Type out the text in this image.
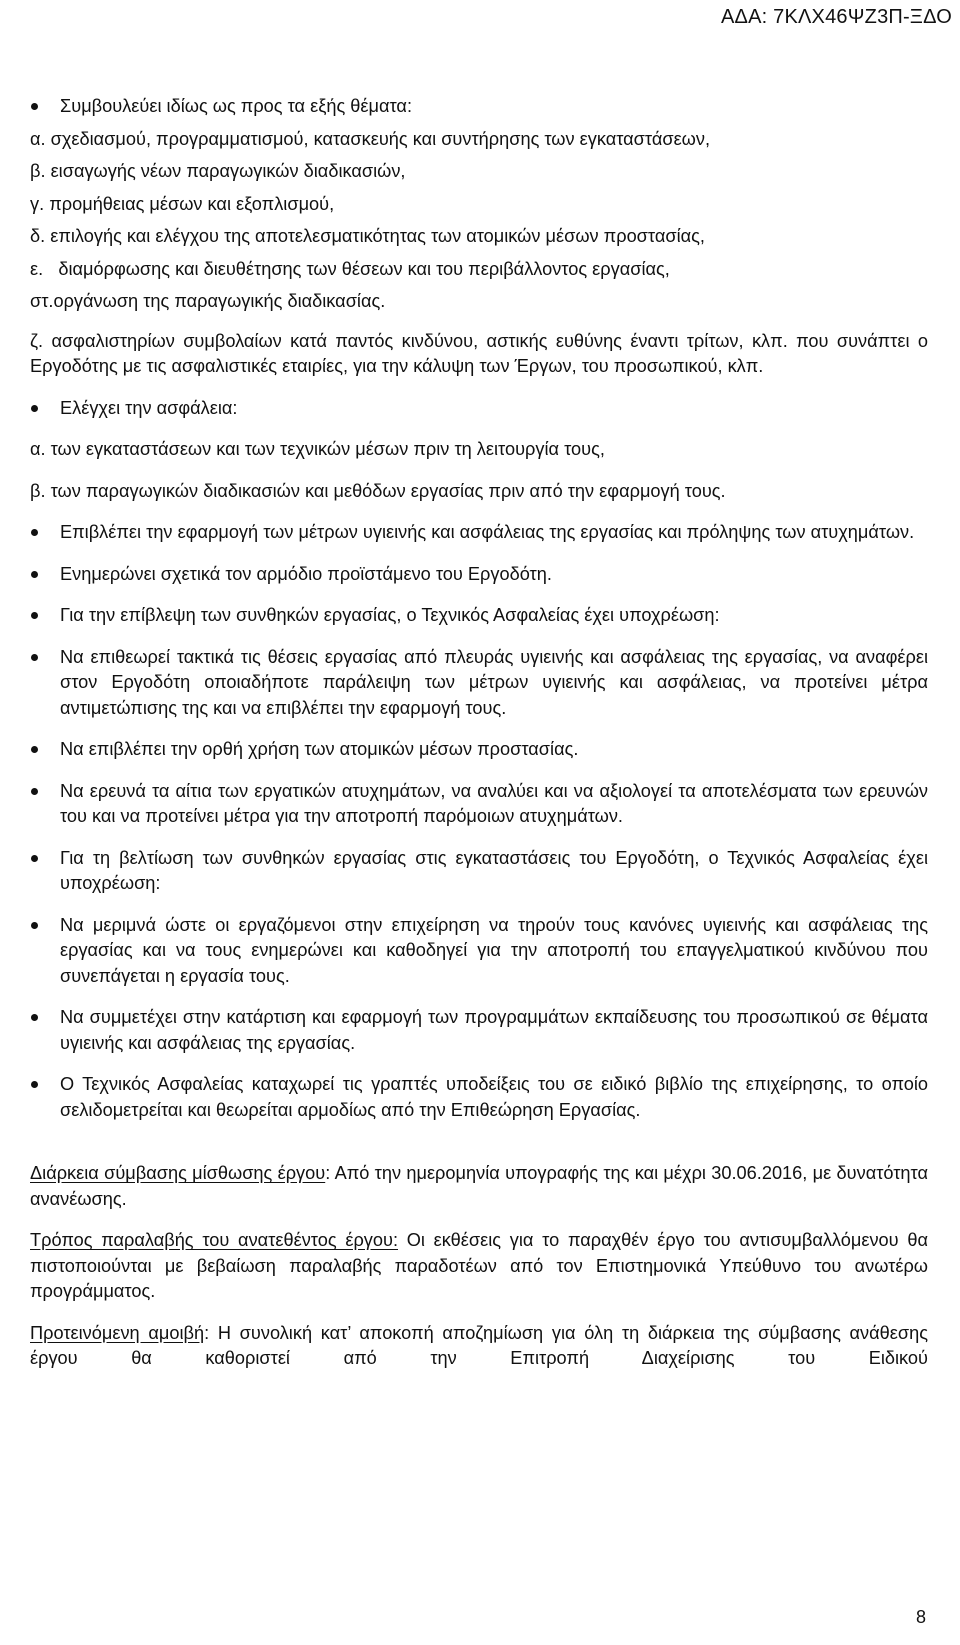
ΑΔΑ: 7ΚΛΧ46ΨΖ3Π-ΞΔΟ
Συμβουλεύει ιδίως ως προς τα εξής θέματα:
α. σχεδιασμού, προγραμματισμού, κατασκευής και συντήρησης των εγκαταστάσεων,
β. εισαγωγής νέων παραγωγικών διαδικασιών,
γ. προμήθειας μέσων και εξοπλισμού,
δ. επιλογής και ελέγχου της αποτελεσματικότητας των ατομικών μέσων προστασίας,
ε.   διαμόρφωσης και διευθέτησης των θέσεων και του περιβάλλοντος εργασίας,
στ.οργάνωση της παραγωγικής διαδικασίας.
ζ. ασφαλιστηρίων συμβολαίων κατά παντός κινδύνου, αστικής ευθύνης έναντι τρίτων, κλπ. που συνάπτει ο Εργοδότης με τις ασφαλιστικές εταιρίες, για την κάλυψη των Έργων, του προσωπικού, κλπ.
Ελέγχει την ασφάλεια:
α. των εγκαταστάσεων και των τεχνικών μέσων πριν τη λειτουργία τους,
β. των παραγωγικών διαδικασιών και μεθόδων εργασίας πριν από την εφαρμογή τους.
Επιβλέπει την εφαρμογή των μέτρων υγιεινής και ασφάλειας της εργασίας και πρόληψης των ατυχημάτων.
Ενημερώνει σχετικά τον αρμόδιο προϊστάμενο του Εργοδότη.
Για την επίβλεψη των συνθηκών εργασίας, ο Τεχνικός Ασφαλείας έχει υποχρέωση:
Να επιθεωρεί τακτικά τις θέσεις εργασίας από πλευράς υγιεινής και ασφάλειας της εργασίας, να αναφέρει στον Εργοδότη οποιαδήποτε παράλειψη των μέτρων υγιεινής και ασφάλειας, να προτείνει μέτρα αντιμετώπισης της και να επιβλέπει την εφαρμογή τους.
Να επιβλέπει την ορθή χρήση των ατομικών μέσων προστασίας.
Να ερευνά τα αίτια των εργατικών ατυχημάτων, να αναλύει και να αξιολογεί τα αποτελέσματα των ερευνών του και να προτείνει μέτρα για την αποτροπή παρόμοιων ατυχημάτων.
Για τη βελτίωση των συνθηκών εργασίας στις εγκαταστάσεις του Εργοδότη, ο Τεχνικός Ασφαλείας έχει υποχρέωση:
Να μεριμνά ώστε οι εργαζόμενοι στην επιχείρηση να τηρούν τους κανόνες υγιεινής και ασφάλειας της εργασίας και να τους ενημερώνει και καθοδηγεί για την αποτροπή του επαγγελματικού κινδύνου που συνεπάγεται η εργασία τους.
Να συμμετέχει στην κατάρτιση και εφαρμογή των προγραμμάτων εκπαίδευσης του προσωπικού σε θέματα υγιεινής και ασφάλειας της εργασίας.
Ο Τεχνικός Ασφαλείας καταχωρεί τις γραπτές υποδείξεις του σε ειδικό βιβλίο της επιχείρησης, το οποίο σελιδομετρείται και θεωρείται αρμοδίως από την Επιθεώρηση Εργασίας.
Διάρκεια σύμβασης μίσθωσης έργου: Από την ημερομηνία υπογραφής της και μέχρι 30.06.2016, με δυνατότητα ανανέωσης.
Τρόπος παραλαβής του ανατεθέντος έργου: Οι εκθέσεις για το παραχθέν έργο του αντισυμβαλλόμενου θα πιστοποιούνται με βεβαίωση παραλαβής παραδοτέων από τον Επιστημονικά Υπεύθυνο του ανωτέρω προγράμματος.
Προτεινόμενη αμοιβή: Η συνολική κατ’ αποκοπή αποζημίωση για όλη τη διάρκεια της σύμβασης ανάθεσης έργου θα καθοριστεί από την Επιτροπή Διαχείρισης του Ειδικού
8
